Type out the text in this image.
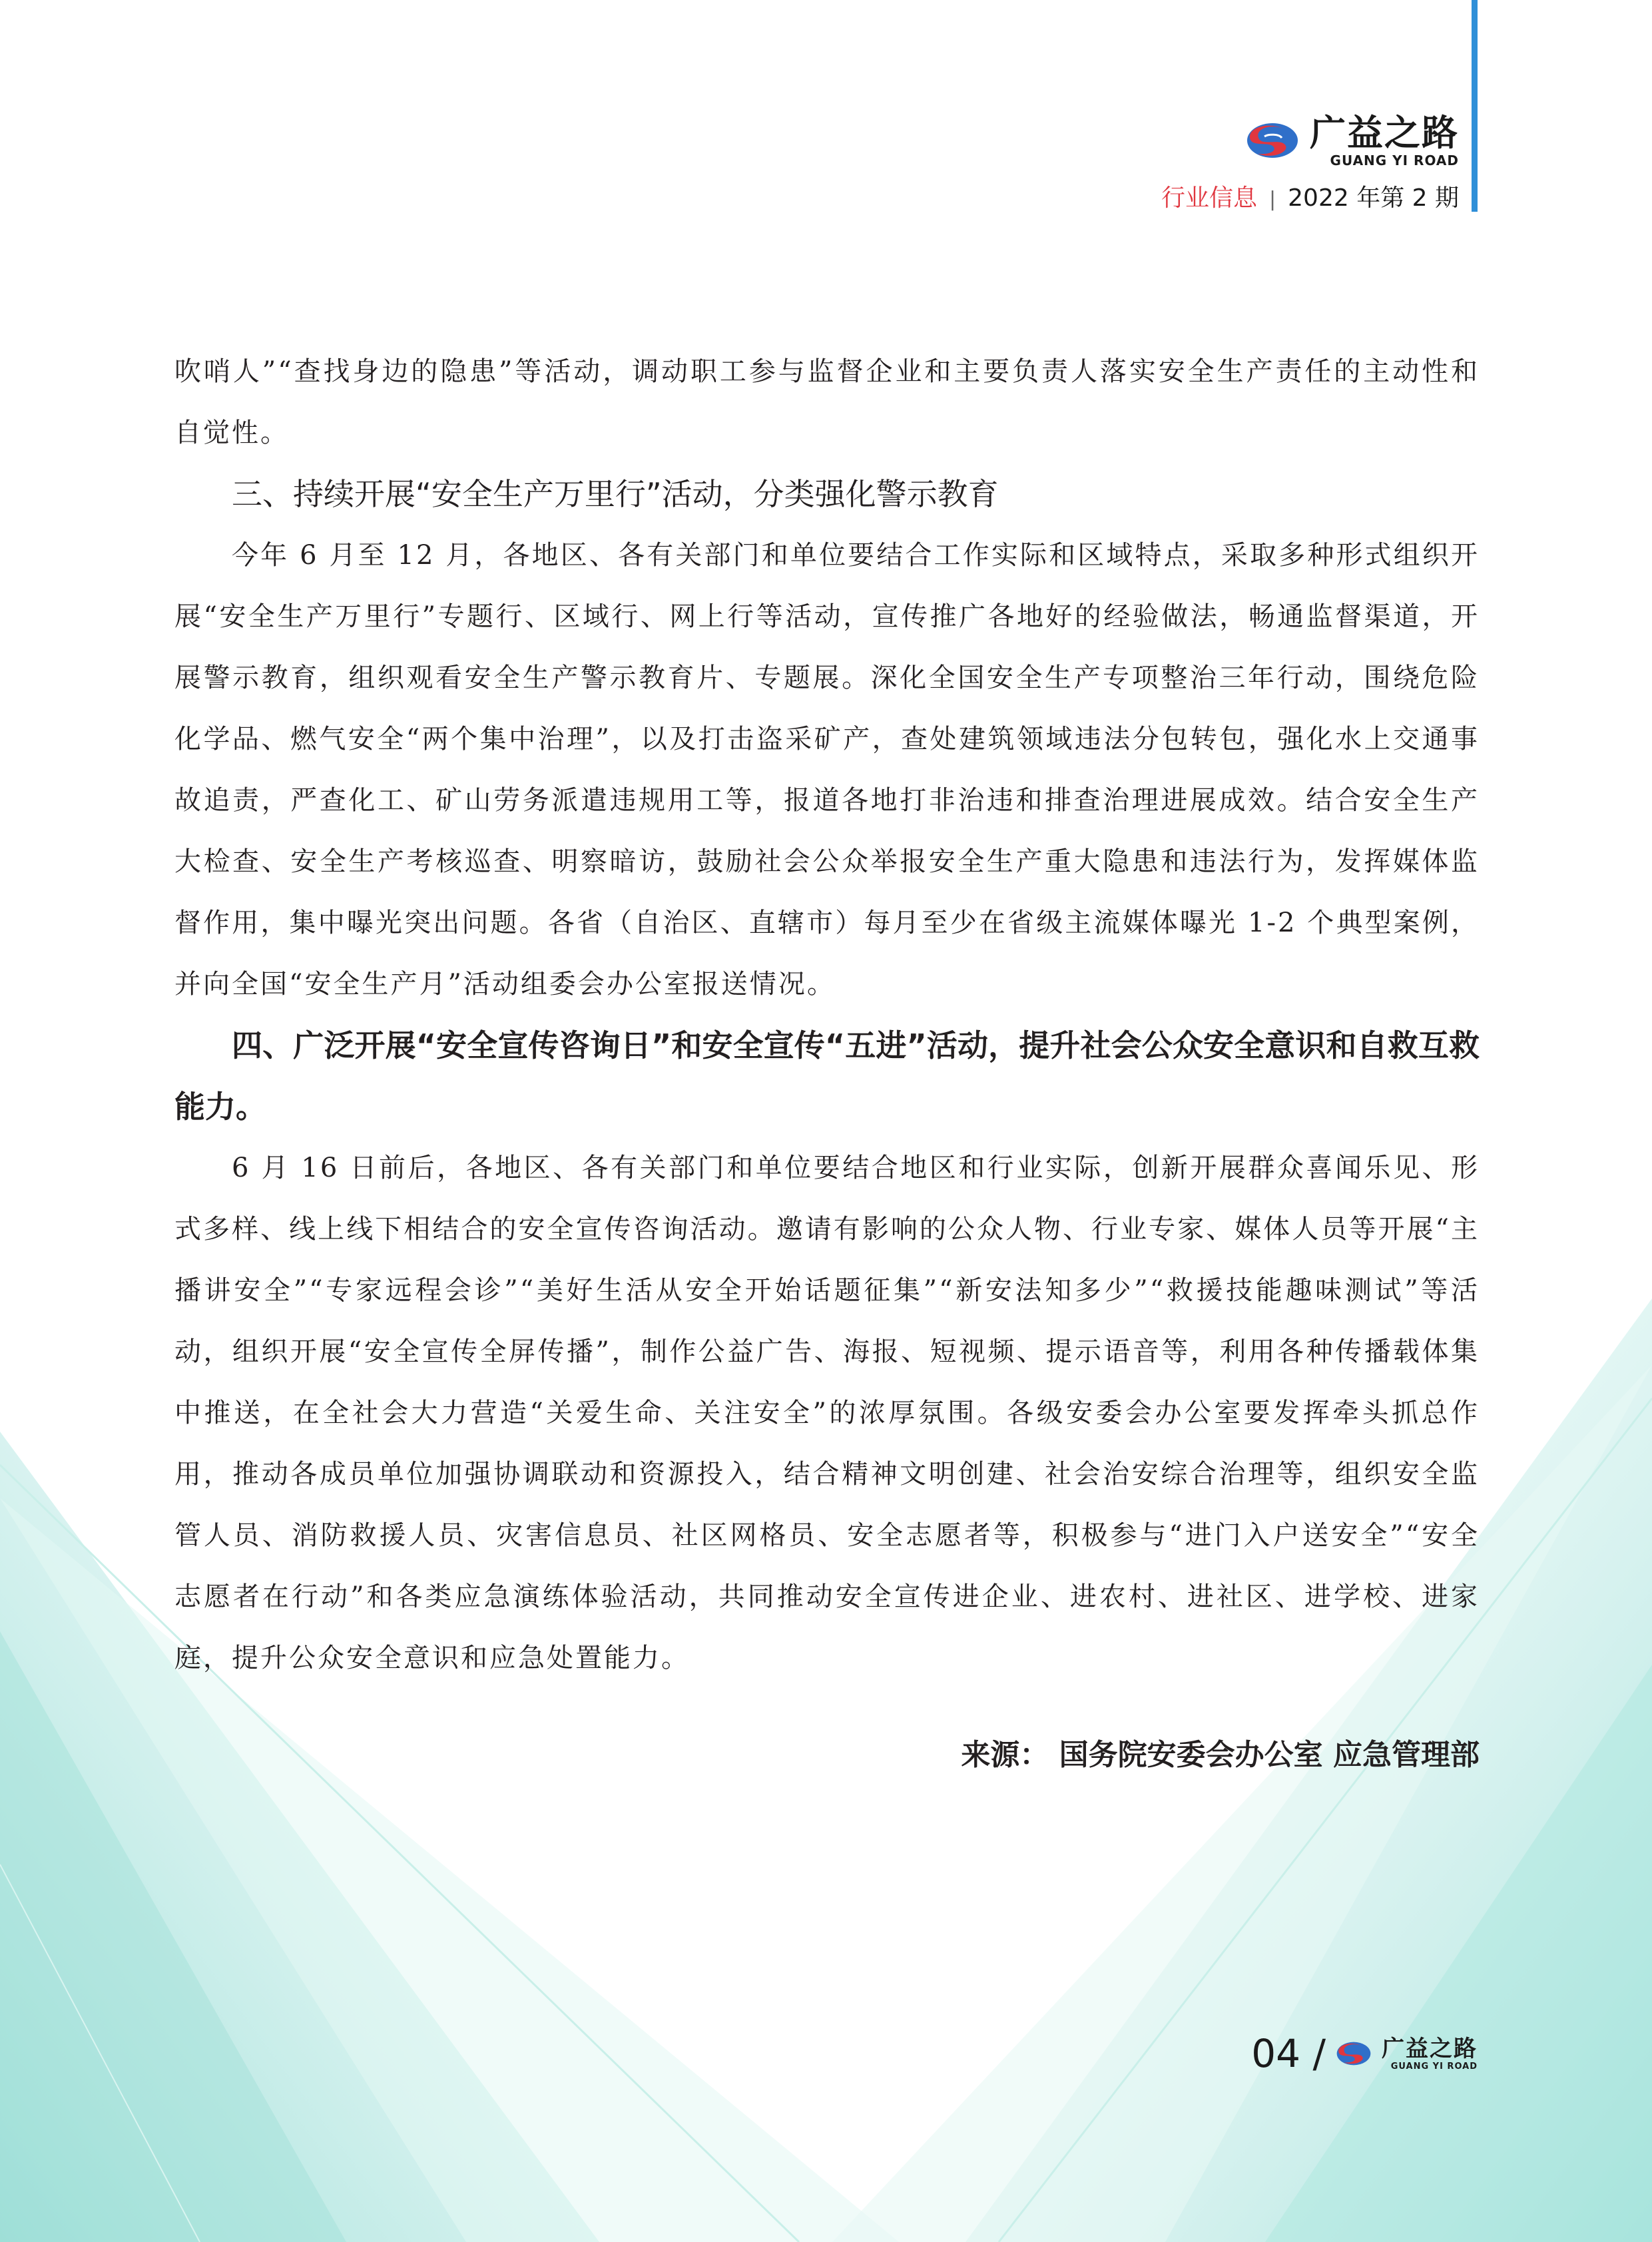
广益之路
GUANG YI ROAD
行业信息 | 2022 年第 2 期

吹哨人”“查找身边的隐患”等活动，调动职工参与监督企业和主要负责人落实安全生产责任的主动性和自觉性。

三、持续开展“安全生产万里行”活动，分类强化警示教育

今年 6 月至 12 月，各地区、各有关部门和单位要结合工作实际和区域特点，采取多种形式组织开展“安全生产万里行”专题行、区域行、网上行等活动，宣传推广各地好的经验做法，畅通监督渠道，开展警示教育，组织观看安全生产警示教育片、专题展。深化全国安全生产专项整治三年行动，围绕危险化学品、燃气安全“两个集中治理”，以及打击盗采矿产，查处建筑领域违法分包转包，强化水上交通事故追责，严查化工、矿山劳务派遣违规用工等，报道各地打非治违和排查治理进展成效。结合安全生产大检查、安全生产考核巡查、明察暗访，鼓励社会公众举报安全生产重大隐患和违法行为，发挥媒体监督作用，集中曝光突出问题。各省（自治区、直辖市）每月至少在省级主流媒体曝光 1-2 个典型案例，并向全国“安全生产月”活动组委会办公室报送情况。

四、广泛开展“安全宣传咨询日”和安全宣传“五进”活动，提升社会公众安全意识和自救互救能力。

6 月 16 日前后，各地区、各有关部门和单位要结合地区和行业实际，创新开展群众喜闻乐见、形式多样、线上线下相结合的安全宣传咨询活动。邀请有影响的公众人物、行业专家、媒体人员等开展“主播讲安全”“专家远程会诊”“美好生活从安全开始话题征集”“新安法知多少”“救援技能趣味测试”等活动，组织开展“安全宣传全屏传播”，制作公益广告、海报、短视频、提示语音等，利用各种传播载体集中推送，在全社会大力营造“关爱生命、关注安全”的浓厚氛围。各级安委会办公室要发挥牵头抓总作用，推动各成员单位加强协调联动和资源投入，结合精神文明创建、社会治安综合治理等，组织安全监管人员、消防救援人员、灾害信息员、社区网格员、安全志愿者等，积极参与“进门入户送安全”“安全志愿者在行动”和各类应急演练体验活动，共同推动安全宣传进企业、进农村、进社区、进学校、进家庭，提升公众安全意识和应急处置能力。

来源： 国务院安委会办公室 应急管理部
04 / 广益之路
GUANG YI ROAD
